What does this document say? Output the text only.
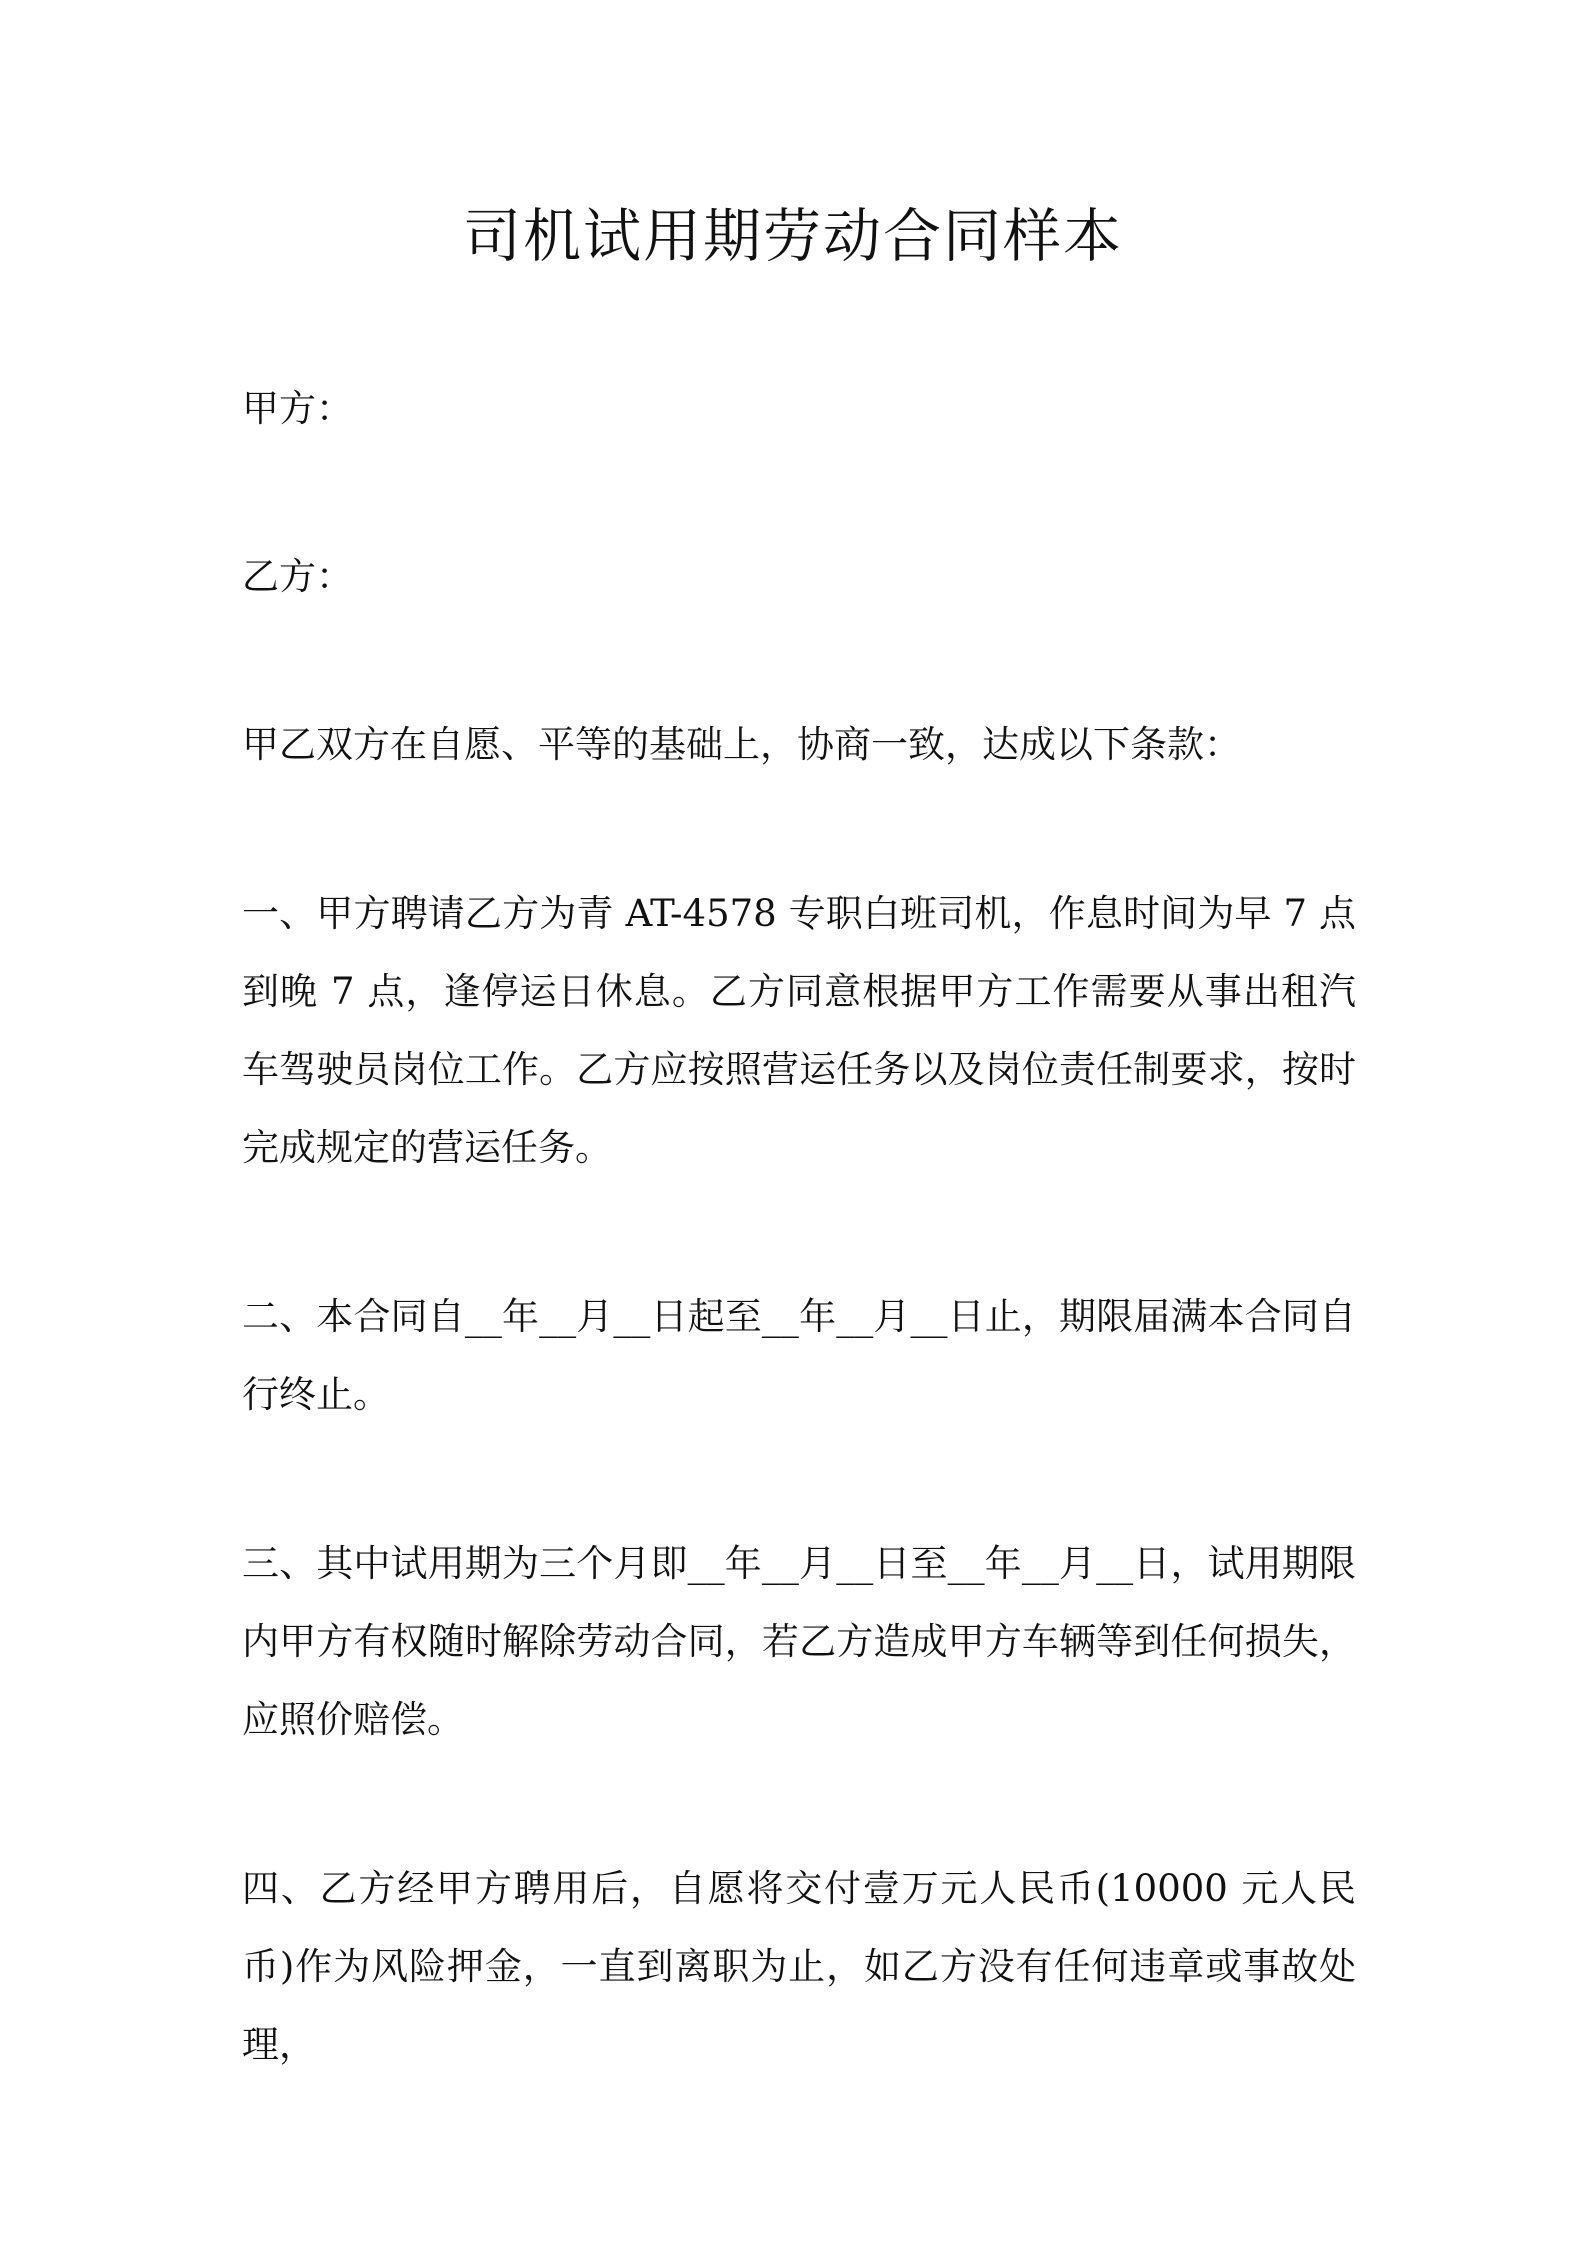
司机试用期劳动合同样本

甲方：

乙方：

甲乙双方在自愿、平等的基础上，协商一致，达成以下条款：

一、甲方聘请乙方为青 AT-4578 专职白班司机，作息时间为早 7 点到晚 7 点，逢停运日休息。乙方同意根据甲方工作需要从事出租汽车驾驶员岗位工作。乙方应按照营运任务以及岗位责任制要求，按时完成规定的营运任务。

二、本合同自__年__月__日起至__年__月__日止，期限届满本合同自行终止。

三、其中试用期为三个月即__年__月__日至__年__月__日，试用期限内甲方有权随时解除劳动合同，若乙方造成甲方车辆等到任何损失，应照价赔偿。

四、乙方经甲方聘用后，自愿将交付壹万元人民币(10000 元人民币)作为风险押金，一直到离职为止，如乙方没有任何违章或事故处理，
